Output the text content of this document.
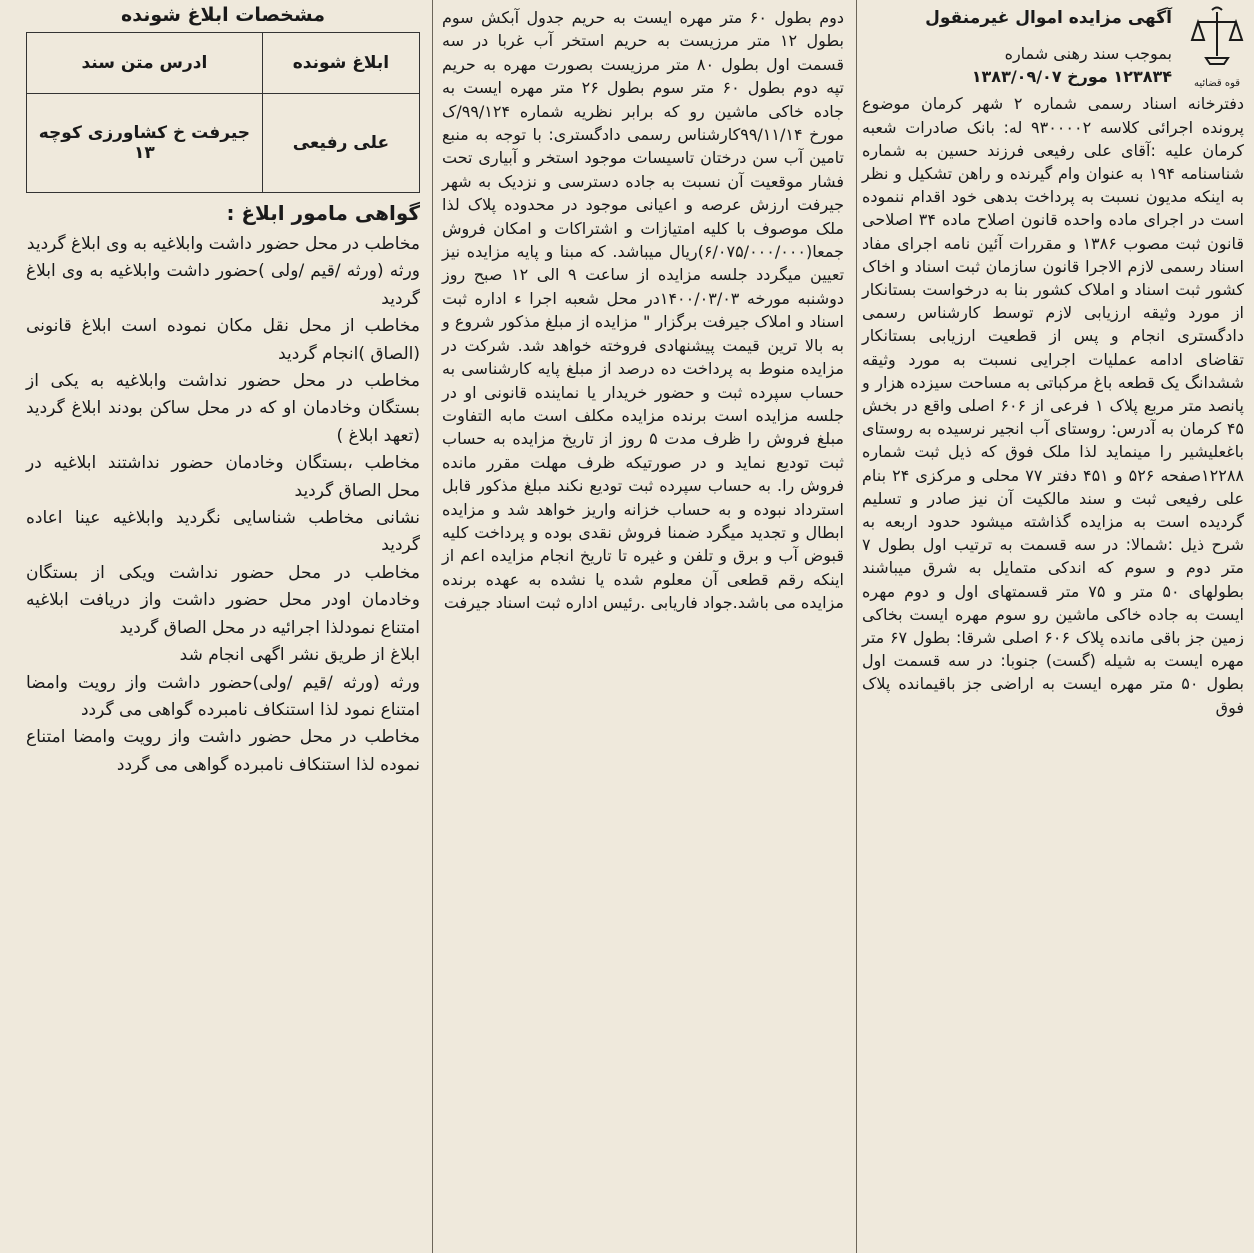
قوه قضائیه
آگهی مزایده اموال غیرمنقول
بموجب سند رهنی شماره
۱۲۳۸۳۴ مورخ ۱۳۸۳/۰۹/۰۷

دفترخانه اسناد رسمی شماره ۲ شهر کرمان موضوع پرونده اجرائی کلاسه ۹۳۰۰۰۰۲ له: بانک صادرات شعبه کرمان علیه :آقای علی رفیعی فرزند حسین به شماره شناسنامه ۱۹۴ به عنوان وام گیرنده و راهن تشکیل و نظر به اینکه مدیون نسبت به پرداخت بدهی خود اقدام ننموده است در اجرای ماده واحده قانون اصلاح ماده ۳۴ اصلاحی قانون ثبت مصوب ۱۳۸۶ و مقررات آئین نامه اجرای مفاد اسناد رسمی لازم الاجرا قانون سازمان ثبت اسناد و اخاک کشور ثبت اسناد و املاک کشور بنا به درخواست بستانکار از مورد وثیقه ارزیابی لازم توسط کارشناس رسمی دادگستری انجام و پس از قطعیت ارزیابی بستانکار تقاضای ادامه عملیات اجرایی نسبت به مورد وثیقه ششدانگ یک قطعه باغ مرکباتی به مساحت سیزده هزار و پانصد متر مربع پلاک ۱ فرعی از ۶۰۶ اصلی واقع در بخش ۴۵ کرمان به آدرس: روستای آب انجیر نرسیده به روستای باغعلیشیر را مینماید لذا ملک فوق که ذیل ثبت شماره ۱۲۲۸۸صفحه ۵۲۶ و ۴۵۱ دفتر ۷۷ محلی و مرکزی ۲۴ بنام علی رفیعی ثبت و سند مالکیت آن نیز صادر و تسلیم گردیده است به مزایده گذاشته میشود حدود اربعه به شرح ذیل :شمالا: در سه قسمت به ترتیب اول بطول ۷ متر دوم و سوم که اندکی متمایل به شرق میباشند بطولهای ۵۰ متر و ۷۵ متر قسمتهای اول و دوم مهره ایست به جاده خاکی ماشین رو سوم مهره ایست بخاکی زمین جز باقی مانده پلاک ۶۰۶ اصلی شرقا: بطول ۶۷ متر مهره ایست به شیله (گست) جنوبا: در سه قسمت اول بطول ۵۰ متر مهره ایست به اراضی جز باقیمانده پلاک فوق

دوم بطول ۶۰ متر مهره ایست به حریم جدول آبکش سوم بطول ۱۲ متر مرزیست به حریم استخر آب غربا در سه قسمت اول بطول ۸۰ متر مرزیست بصورت مهره به حریم تپه دوم بطول ۶۰ متر سوم بطول ۲۶ متر مهره ایست به جاده خاکی ماشین رو که برابر نظریه شماره ۹۹/۱۲۴/ک مورخ ۹۹/۱۱/۱۴کارشناس رسمی دادگستری: با توجه به منبع تامین آب سن درختان تاسیسات موجود استخر و آبیاری تحت فشار موقعیت آن نسبت به جاده دسترسی و نزدیک به شهر جیرفت ارزش عرصه و اعیانی موجود در محدوده پلاک لذا ملک موصوف با کلیه امتیازات و اشتراکات و امکان فروش جمعا(۶/۰۷۵/۰۰۰/۰۰۰)ریال میباشد. که مبنا و پایه مزایده نیز تعیین میگردد جلسه مزایده از ساعت ۹ الی ۱۲ صبح روز دوشنبه مورخه ۱۴۰۰/۰۳/۰۳در محل شعبه اجرا ء اداره ثبت اسناد و املاک جیرفت برگزار " مزایده از مبلغ مذکور شروع و به بالا ترین قیمت پیشنهادی فروخته خواهد شد. شرکت در مزایده منوط به پرداخت ده درصد از مبلغ پایه کارشناسی به حساب سپرده ثبت و حضور خریدار یا نماینده قانونی او در جلسه مزایده است برنده مزایده مکلف است مابه التفاوت مبلغ فروش را ظرف مدت ۵ روز از تاریخ مزایده به حساب ثبت تودیع نماید و در صورتیکه ظرف مهلت مقرر مانده فروش را. به حساب سپرده ثبت توديع نکند مبلغ مذکور قابل استرداد نبوده و به حساب خزانه واریز خواهد شد و مزایده ابطال و تجدید میگرد ضمنا فروش نقدی بوده و پرداخت کلیه قبوض آب و برق و تلفن و غیره تا تاریخ انجام مزایده اعم از اینکه رقم قطعی آن معلوم شده یا نشده به عهده برنده مزایده می باشد.جواد فاریابی .رئیس اداره ثبت اسناد جیرفت

مشخصات ابلاغ شونده
ابلاغ شونده	ادرس متن سند
علی رفیعی	جیرفت خ کشاورزی کوچه ۱۳
گواهی مامور ابلاغ :

مخاطب در محل حضور داشت وابلاغیه به وی ابلاغ گردید

ورثه (ورثه /قیم /ولی )حضور داشت وابلاغیه به وی ابلاغ گردید

مخاطب از محل نقل مکان نموده است ابلاغ قانونی (الصاق )انجام گردید

مخاطب در محل حضور نداشت وابلاغیه به یکی از بستگان وخادمان او که در محل ساکن بودند ابلاغ گردید (تعهد ابلاغ )

مخاطب ،بستگان وخادمان حضور نداشتند ابلاغیه در محل الصاق گردید

نشانی مخاطب شناسایی نگردید وابلاغیه عینا اعاده گردید

مخاطب در محل حضور نداشت ویکی از بستگان وخادمان اودر محل حضور داشت واز دریافت ابلاغیه امتناع نمودلذا اجرائیه در محل الصاق گردید

ابلاغ از طریق نشر اگهی انجام شد

ورثه (ورثه /قیم /ولی)حضور داشت واز رویت وامضا امتناع نمود لذا استنکاف نامبرده گواهی می گردد

مخاطب در محل حضور داشت واز رویت وامضا امتناع نموده لذا استنکاف نامبرده گواهی می گردد
